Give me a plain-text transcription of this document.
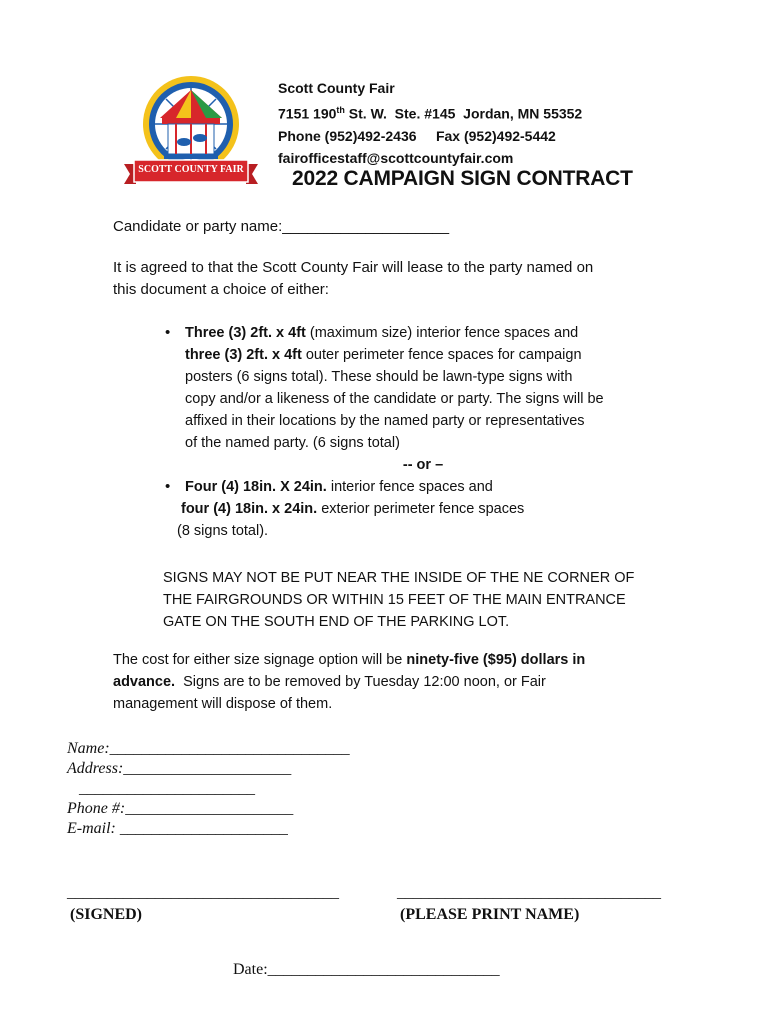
SCOTT COUNTY FAIR
Scott County Fair
7151 190th St. W.  Ste. #145  Jordan, MN 55352
Phone (952)492-2436     Fax (952)492-5442
fairofficestaff@scottcountyfair.com
2022 CAMPAIGN SIGN CONTRACT
Candidate or party name:____________________
It is agreed to that the Scott County Fair will lease to the party named on
this document a choice of either:
• Three (3) 2ft. x 4ft (maximum size) interior fence spaces and
three (3) 2ft. x 4ft outer perimeter fence spaces for campaign
posters (6 signs total). These should be lawn-type signs with
copy and/or a likeness of the candidate or party. The signs will be
affixed in their locations by the named party or representatives
of the named party. (6 signs total)
-- or –
• Four (4) 18in. X 24in. interior fence spaces and
four (4) 18in. x 24in. exterior perimeter fence spaces
(8 signs total).
SIGNS MAY NOT BE PUT NEAR THE INSIDE OF THE NE CORNER OF
THE FAIRGROUNDS OR WITHIN 15 FEET OF THE MAIN ENTRANCE
GATE ON THE SOUTH END OF THE PARKING LOT.
The cost for either size signage option will be ninety-five ($95) dollars in
advance.  Signs are to be removed by Tuesday 12:00 noon, or Fair
management will dispose of them.
Name:______________________________
Address:_____________________
______________________
Phone #:_____________________
E-mail: _____________________
__________________________________
(SIGNED)
_________________________________
(PLEASE PRINT NAME)
Date:_____________________________
